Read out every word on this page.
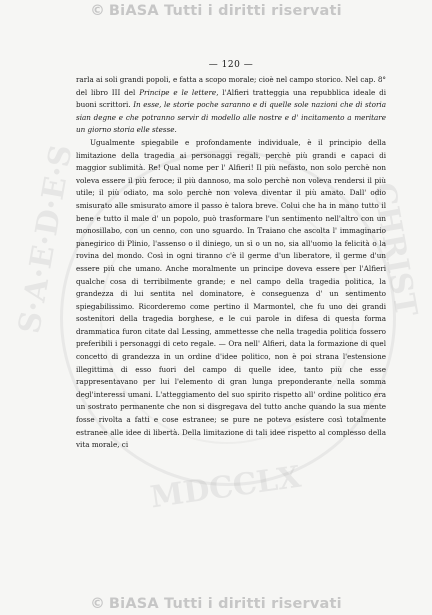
© BiASA Tutti i diritti riservati
S·A·E·D·E·S	CHRIST
MDCCLX
— 120 —

rarla ai soli grandi popoli, e fatta a scopo morale; cioè nel campo storico. Nel cap. 8° del libro III del Principe e le lettere, l'Alfieri tratteggia una repubblica ideale di buoni scrittori. In esse, le storie poche saranno e di quelle sole nazioni che di storia sian degne e che potranno servir di modello alle nostre e d' incitamento a meritare un giorno storia elle stesse.

Ugualmente spiegabile e profondamente individuale, è il principio della limitazione della tragedia ai personaggi regali, perchè più grandi e capaci di maggior sublimità. Re! Qual nome per l' Alfieri! Il più nefasto, non solo perchè non voleva essere il più feroce; il più dannoso, ma solo perchè non voleva rendersi il più utile; il più odiato, ma solo perchè non voleva diventar il più amato. Dall' odio smisurato alle smisurato amore il passo è talora breve. Colui che ha in mano tutto il bene e tutto il male d' un popolo, può trasformare l'un sentimento nell'altro con un monosillabo, con un cenno, con uno sguardo. In Traiano che ascolta l' immaginario panegirico di Plinio, l'assenso o il diniego, un sì o un no, sia all'uomo la felicità o la rovina del mondo. Così in ogni tiranno c'è il germe d'un liberatore, il germe d'un essere più che umano. Anche moralmente un principe doveva essere per l'Alfieri qualche cosa di terribilmente grande; e nel campo della tragedia politica, la grandezza di lui sentita nel dominatore, è conseguenza d' un sentimento spiegabilissimo. Ricorderemo come pertino il Marmontel, che fu uno dei grandi sostenitori della tragedia borghese, e le cui parole in difesa di questa forma drammatica furon citate dal Lessing, ammettesse che nella tragedia politica fossero preferibili i personaggi di ceto regale. — Ora nell' Alfieri, data la formazione di quel concetto di grandezza in un ordine d'idee politico, non è poi strana l'estensione illegittima di esso fuori del campo di quelle idee, tanto più che esse rappresentavano per lui l'elemento di gran lunga preponderante nella somma degl'interessi umani. L'atteggiamento del suo spirito rispetto all' ordine politico era un sostrato permanente che non si disgregava del tutto anche quando la sua mente fosse rivolta a fatti e cose estranee; se pure ne poteva esistere così totalmente estranee alle idee di libertà. Della limitazione di tali idee rispetto al complesso della vita morale, ci

© BiASA Tutti i diritti riservati
